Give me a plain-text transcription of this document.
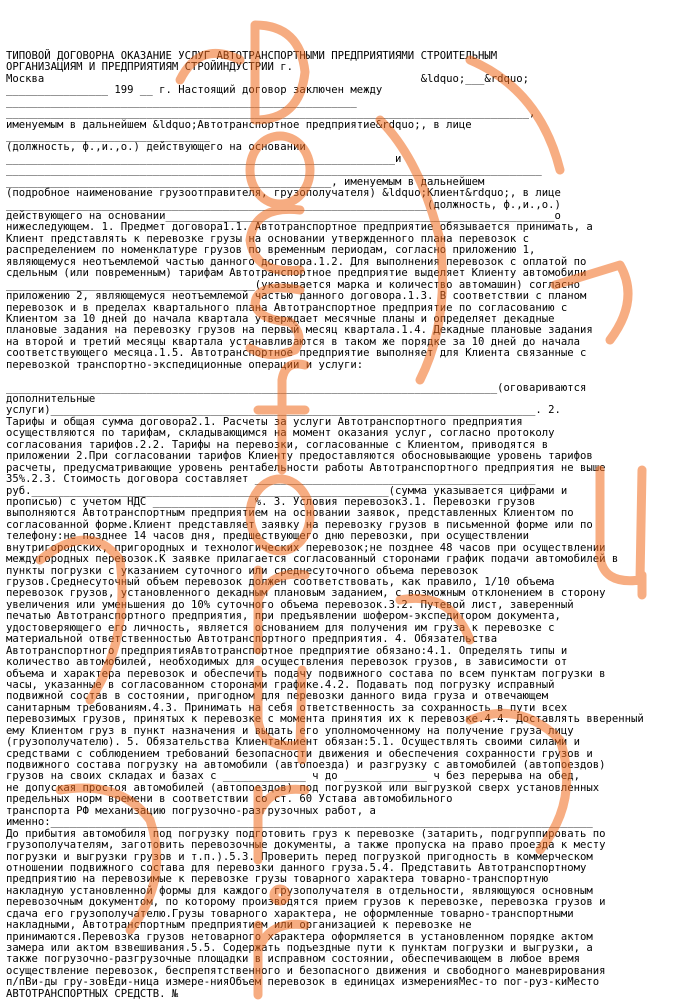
ТИПОВОЙ ДОГОВОРНА ОКАЗАНИЕ УСЛУГ АВТОТРАНСПОРТНЫМИ ПРЕДПРИЯТИЯМИ СТРОИТЕЛЬНЫМ
ОРГАНИЗАЦИЯМ И ПРЕДПРИЯТИЯМ СТРОЙИНДУСТРИИ г.
Москва                                                           &ldquo;___&rdquo;
________________ 199 __ г. Настоящий договор заключен между
_______________________________________________________
__________________________________________________________________________________,
именуемым в дальнейшем &ldquo;Автотранспортное предприятие&rdquo;, в лице
________________________________
(должность, ф.,и.,о.) действующего на основании
_____________________________________________________________и
____________________________________________________________________________________
___________________________________________________, именуемым в дальнейшем
(подробное наименование грузоотправителя, грузополучателя) &ldquo;Клиент&rdquo;, в лице
__________________________________________________________________(должность, ф.,и.,о.)
действующего на основании_____________________________________________________________о
нижеследующем. 1. Предмет договора1.1. Автотранспортное предприятие обязывается принимать, а
Клиент представлять к перевозке грузы на основании утвержденного плана перевозок с
распределением по номенклатуре грузов по временным периодам, согласно приложению 1,
являющемуся неотъемлемой частью данного договора.1.2. Для выполнения перевозок с оплатой по
сдельным (или повременным) тарифам Автотранспортное предприятие выделяет Клиенту автомобили
_______________________________________(указывается марка и количество автомашин) согласно
приложению 2, являющемуся неотъемлемой частью данного договора.1.3. В соответствии с планом
перевозок и в пределах квартального плана Автотранспортное предприятие по согласованию с
Клиентом за 10 дней до начала квартала утверждает месячные планы и определяет декадные
плановые задания на перевозку грузов на первый месяц квартала.1.4. Декадные плановые задания
на второй и третий месяцы квартала устанавливаются в таком же порядке за 10 дней до начала
соответствующего месяца.1.5. Автотранспортное предприятие выполняет для Клиента связанные с
перевозкой транспортно-экспедиционные операции и услуги:
_____________________________________________________________________________(оговариваются
дополнительные
услуги)____________________________________________________________________________. 2.
Тарифы и общая сумма договора2.1. Расчеты за услуги Автотранспортного предприятия
осуществляются по тарифам, складывающимся на момент оказания услуг, согласно протоколу
согласования тарифов.2.2. Тарифы на перевозки, согласованные с Клиентом, приводятся в
приложении 2.При согласовании тарифов Клиенту предоставляются обосновывающие уровень тарифов
расчеты, предусматривающие уровень рентабельности работы Автотранспортного предприятия не выше
35%.2.3. Стоимость договора составляет ____________________________________________
руб.________________________________________________________(сумма указывается цифрами и
прописью) с учетом НДС ________________%. 3. Условия перевозок3.1. Перевозки грузов
выполняются Автотранспортным предприятием на основании заявок, представленных Клиентом по
согласованной форме.Клиент представляет заявку на перевозку грузов в письменной форме или по
телефону:не позднее 14 часов дня, предшествующего дню перевозки, при осуществлении
внутригородских, пригородных и технологических перевозок;не позднее 48 часов при осуществлении
междугородных перевозок.К заявке прилагается согласованный сторонами график подачи автомобилей в
пункты погрузки с указанием суточного или среднесуточного объема перевозок
грузов.Среднесуточный объем перевозок должен соответствовать, как правило, 1/10 объема
перевозок грузов, установленного декадным плановым заданием, с возможным отклонением в сторону
увеличения или уменьшения до 10% суточного объема перевозок.3.2. Путевой лист, заверенный
печатью Автотранспортного предприятия, при предъявлении шофером-экспедитором документа,
удостоверяющего его личность, является основанием для получения им груза к перевозке с
материальной ответственностью Автотранспортного предприятия. 4. Обязательства
Автотранспортного предприятияАвтотранспортное предприятие обязано:4.1. Определять типы и
количество автомобилей, необходимых для осуществления перевозок грузов, в зависимости от
объема и характера перевозок и обеспечить подачу подвижного состава по всем пунктам погрузки в
часы, указанные в согласованном сторонами графике.4.2. Подавать под погрузку исправный
подвижной состав в состоянии, пригодном для перевозки данного вида груза и отвечающем
санитарным требованиям.4.3. Принимать на себя ответственность за сохранность в пути всех
перевозимых грузов, принятых к перевозке с момента принятия их к перевозке.4.4. Доставлять вверенный
ему Клиентом груз в пункт назначения и выдать его уполномоченному на получение груза лицу
(грузополучателю). 5. Обязательства КлиентаКлиент обязан:5.1. Осуществлять своими силами и
средствами с соблюдением требований безопасности движения и обеспечения сохранности грузов и
подвижного состава погрузку на автомобили (автопоезда) и разгрузку с автомобилей (автопоездов)
грузов на своих складах и базах с _____________ ч до _____________ ч без перерыва на обед,
не допуская простоя автомобилей (автопоездов) под погрузкой или выгрузкой сверх установленных
предельных норм времени в соответствии со ст. 60 Устава автомобильного
транспорта РФ механизацию погрузочно-разгрузочных работ, а
именно:_____________________________________________________________________________________
До прибытия автомобиля под погрузку подготовить груз к перевозке (затарить, подгруппировать по
грузополучателям, заготовить перевозочные документы, а также пропуска на право проезда к месту
погрузки и выгрузки грузов и т.п.).5.3. Проверить перед погрузкой пригодность в коммерческом
отношении подвижного состава для перевозки данного груза.5.4. Представить Автотранспортному
предприятию на перевозимые к перевозке грузы товарного характера товарно-транспортную
накладную установленной формы для каждого грузополучателя в отдельности, являющуюся основным
перевозочным документом, по которому производятся прием грузов к перевозке, перевозка грузов и
сдача его грузополучателю.Грузы товарного характера, не оформленные товарно-транспортными
накладными, Автотранспортным предприятием или организацией к перевозке не
принимаются.Перевозка грузов нетоварного характера оформляется в установленном порядке актом
замера или актом взвешивания.5.5. Содержать подъездные пути к пунктам погрузки и выгрузки, а
также погрузочно-разгрузочные площадки в исправном состоянии, обеспечивающем в любое время
осуществление перевозок, беспрепятственного и безопасного движения и свободного маневрирования
п/пВи-ды гру-зовЕди-ница измере-нияОбъем перевозок в единицах измеренияМес-то пог-руз-киМесто
АВТОТРАНСПОРТНЫХ СРЕДСТВ. №
